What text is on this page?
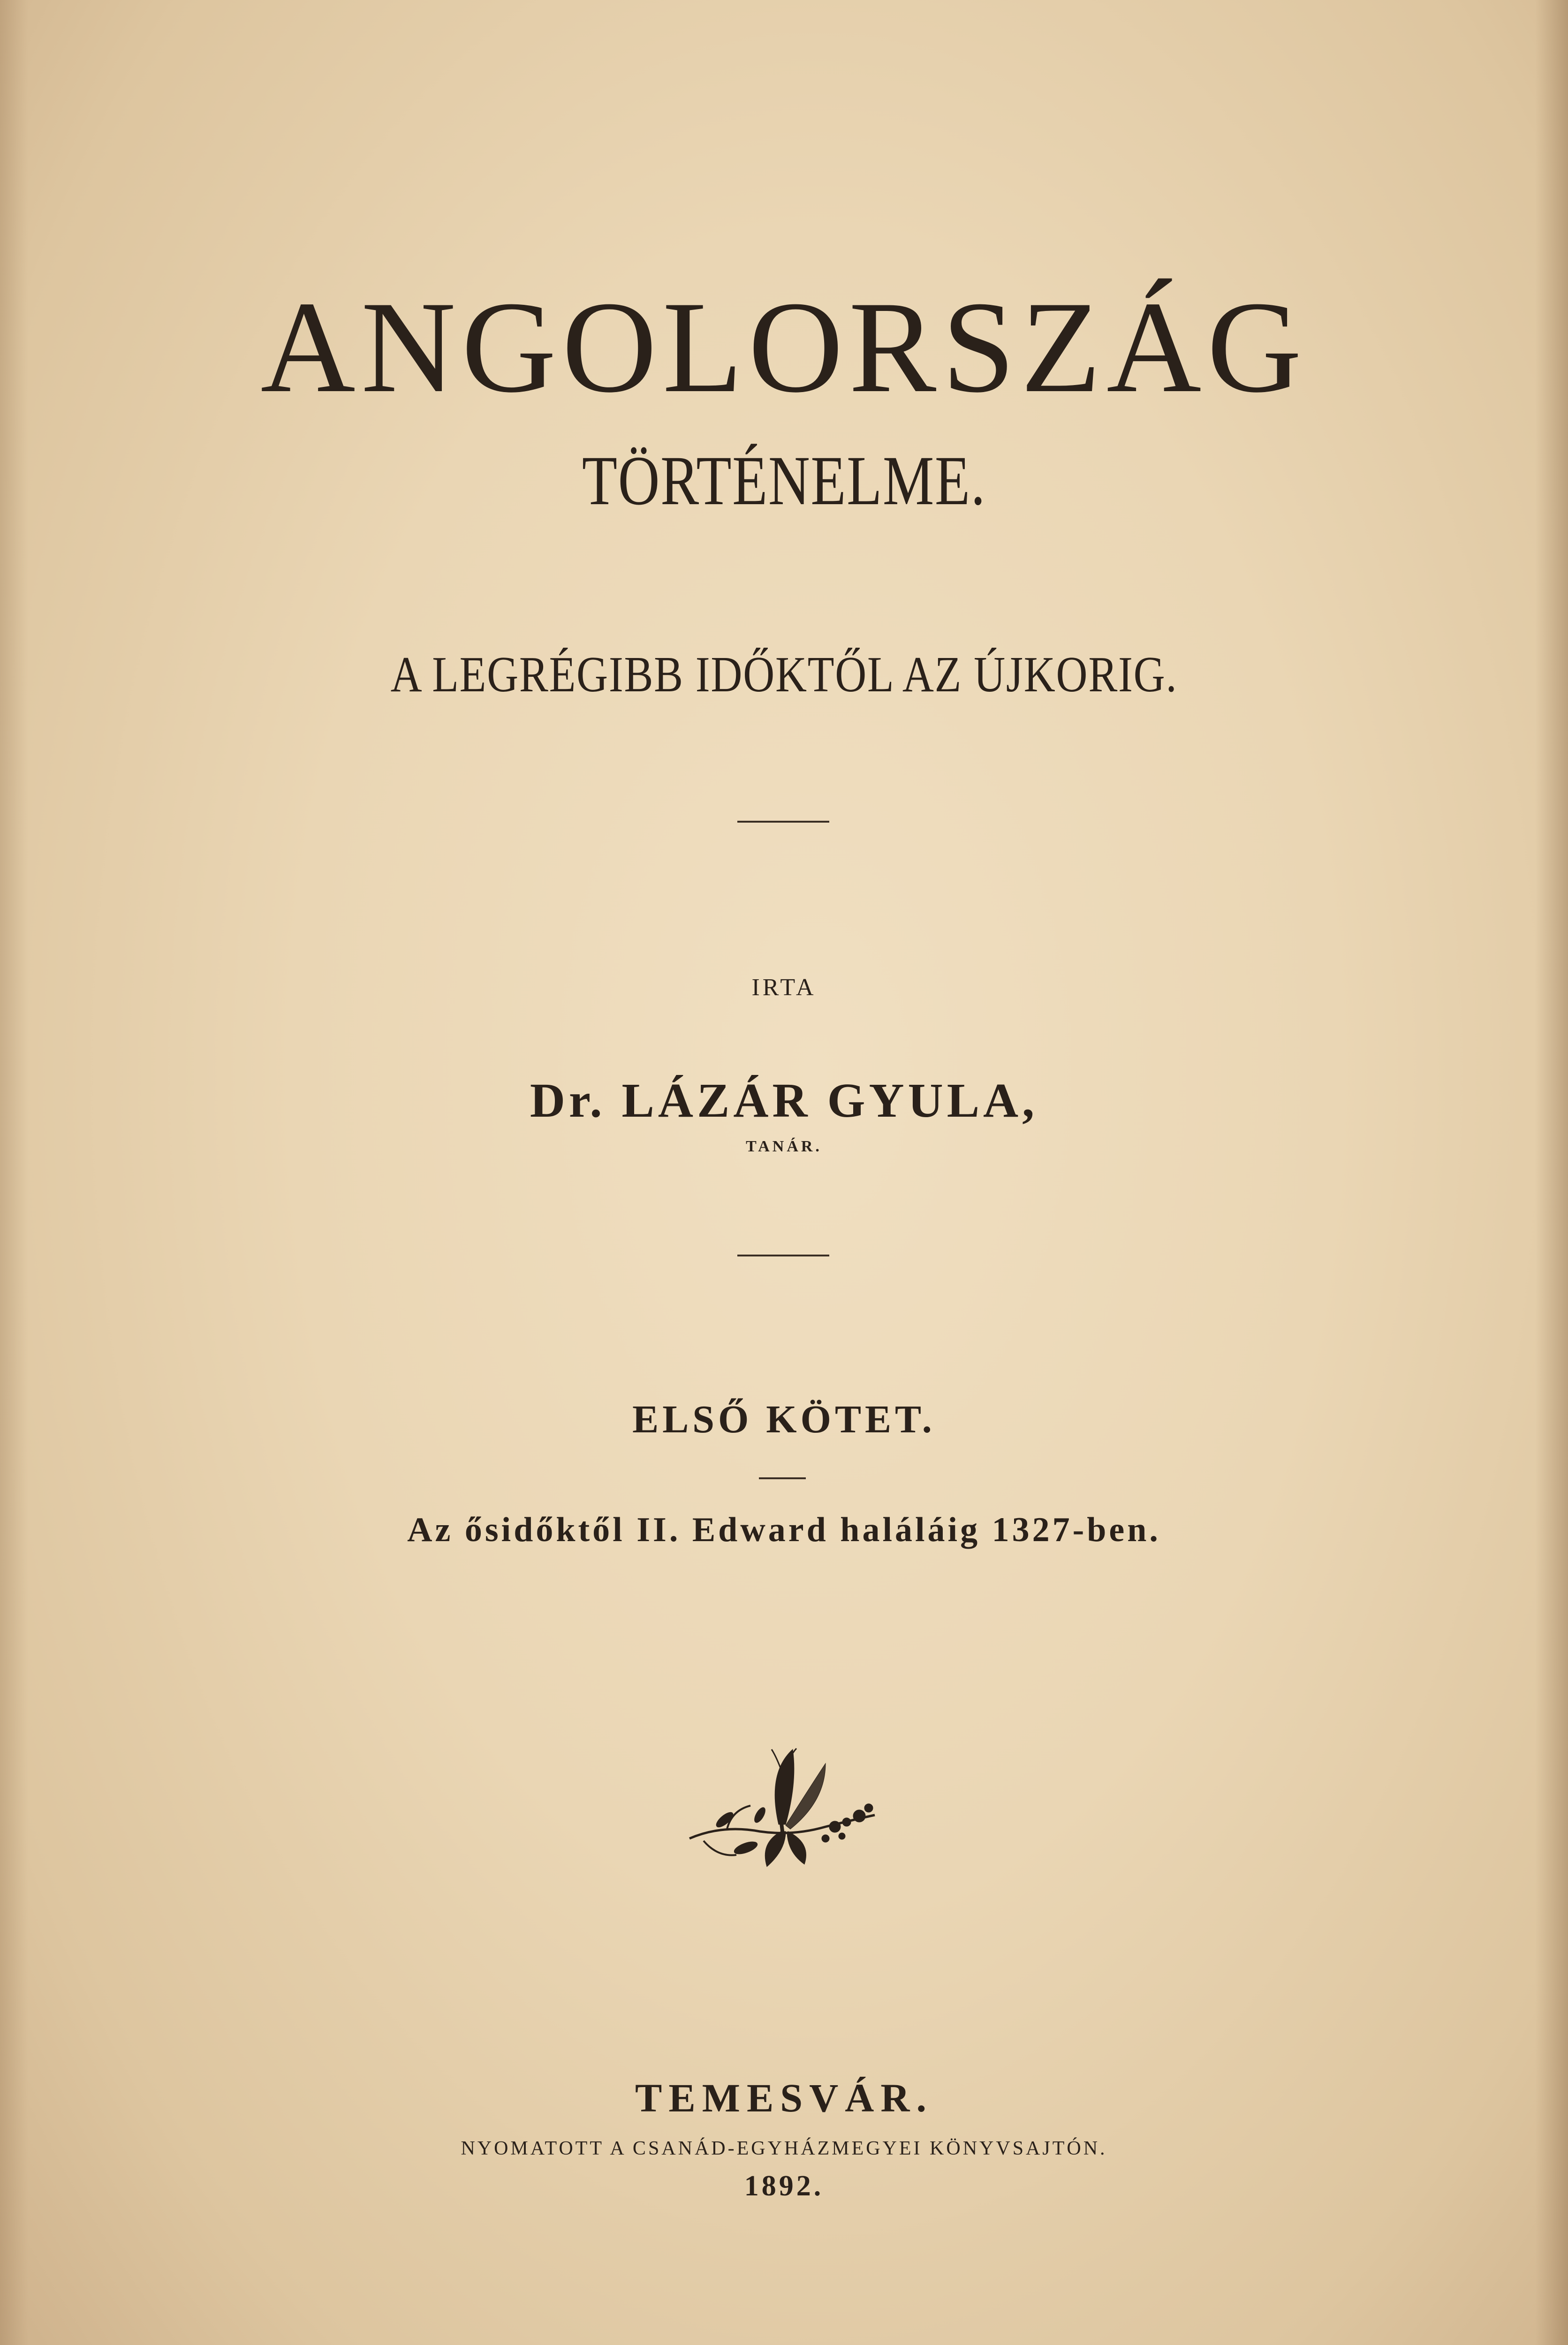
ANGOLORSZÁG
TÖRTÉNELME.
A LEGRÉGIBB IDŐKTŐL AZ ÚJKORIG.
IRTA
Dr. LÁZÁR GYULA,
TANÁR.
ELSŐ KÖTET.
Az ősidőktől II. Edward haláláig 1327-ben.
TEMESVÁR.
NYOMATOTT A CSANÁD-EGYHÁZMEGYEI KÖNYVSAJTÓN.
1892.
